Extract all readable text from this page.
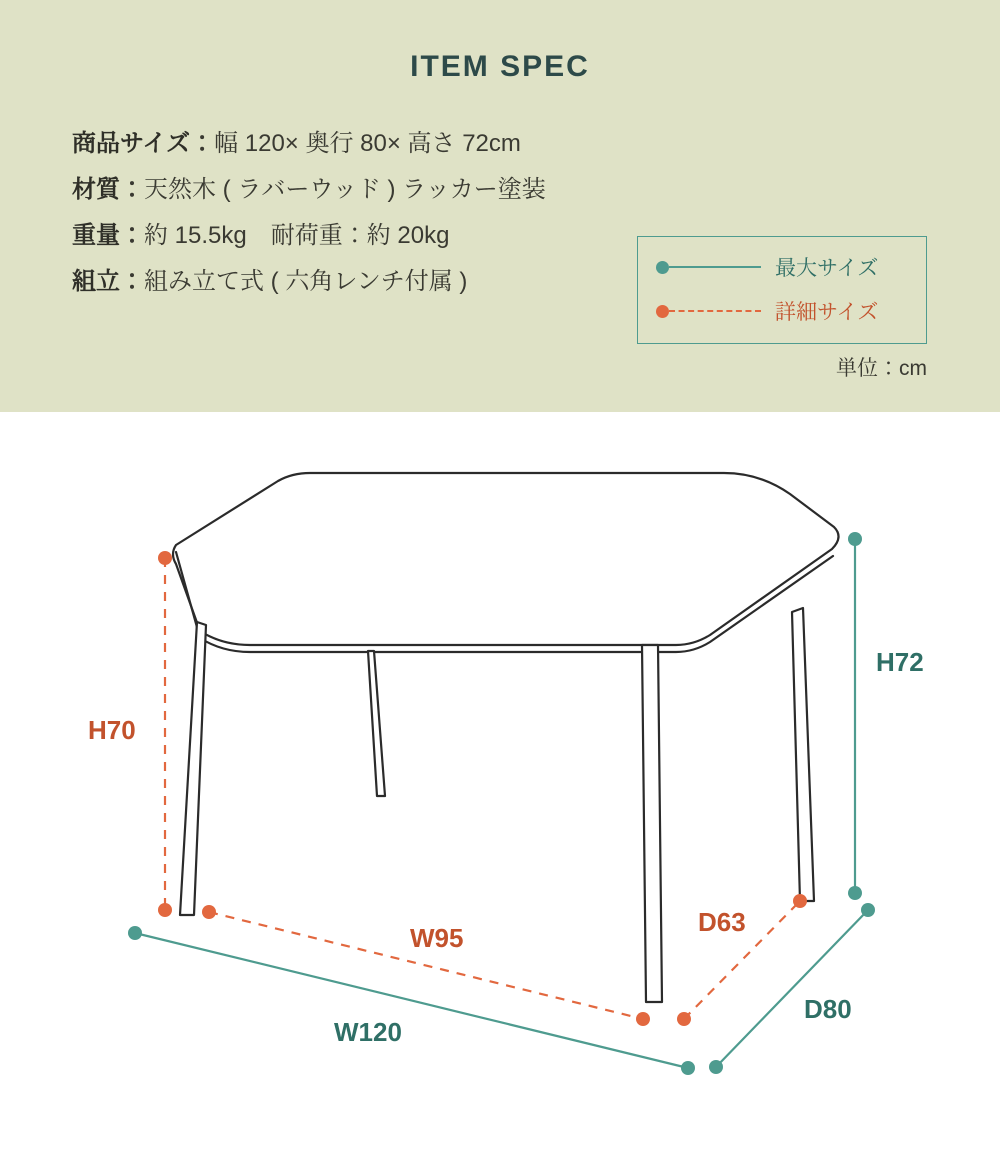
ITEM SPEC
商品サイズ：幅 120× 奥行 80× 高さ 72cm
材質：天然木 ( ラバーウッド ) ラッカー塗装
重量：約 15.5kg　耐荷重：約 20kg
組立：組み立て式 ( 六角レンチ付属 )	最大サイズ
詳細サイズ
単位：cm
H70
H72
W95
W120
D63
D80
